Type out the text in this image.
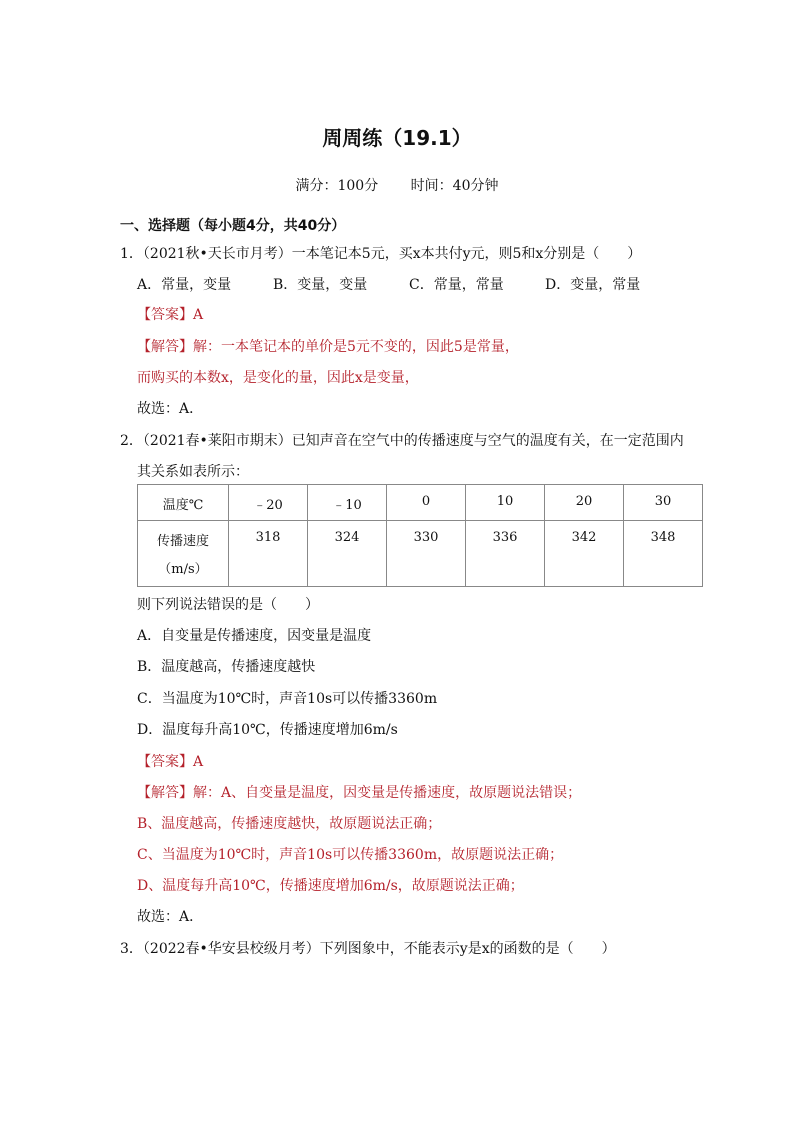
周周练（19.1）
满分：100分 时间：40分钟
一、选择题（每小题4分，共40分）
1．（2021秋•天长市月考）一本笔记本5元，买x本共付y元，则5和x分别是（　　）
A．常量，变量	B．变量，变量	C．常量，常量	D．变量，常量
【答案】A
【解答】解：一本笔记本的单价是5元不变的，因此5是常量，
而购买的本数x，是变化的量，因此x是变量，
故选：A．
2．（2021春•莱阳市期末）已知声音在空气中的传播速度与空气的温度有关，在一定范围内
其关系如表所示：
温度℃	﹣20	﹣10	0	10	20	30

传播速度
（m/s）	318	324	330	336	342	348
则下列说法错误的是（　　）
A．自变量是传播速度，因变量是温度
B．温度越高，传播速度越快
C．当温度为10℃时，声音10s可以传播3360m
D．温度每升高10℃，传播速度增加6m/s
【答案】A
【解答】解：A、自变量是温度，因变量是传播速度，故原题说法错误；
B、温度越高，传播速度越快，故原题说法正确；
C、当温度为10℃时，声音10s可以传播3360m，故原题说法正确；
D、温度每升高10℃，传播速度增加6m/s，故原题说法正确；
故选：A．
3．（2022春•华安县校级月考）下列图象中，不能表示y是x的函数的是（　　）
